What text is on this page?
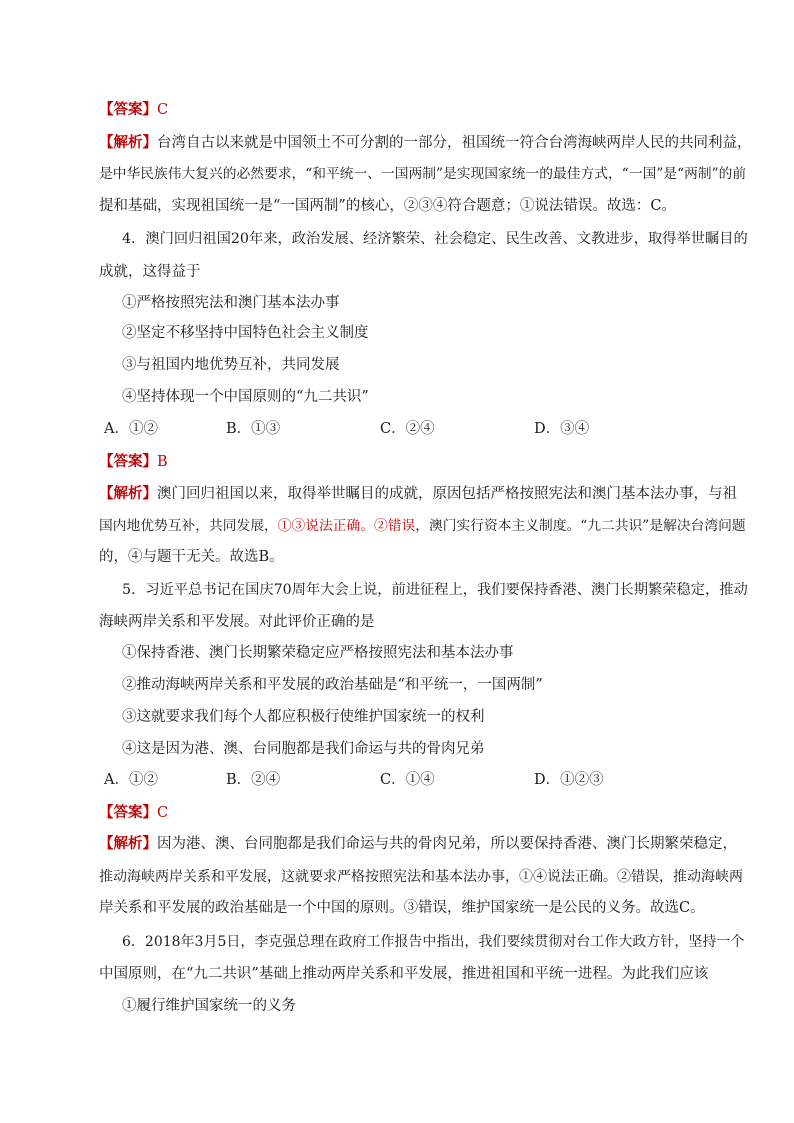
【答案】C
【解析】台湾自古以来就是中国领土不可分割的一部分，祖国统一符合台湾海峡两岸人民的共同利益，
是中华民族伟大复兴的必然要求，“和平统一、一国两制”是实现国家统一的最佳方式，“一国”是“两制”的前
提和基础，实现祖国统一是“一国两制”的核心，②③④符合题意；①说法错误。故选：C。
4．澳门回归祖国20年来，政治发展、经济繁荣、社会稳定、民生改善、文教进步，取得举世瞩目的
成就，这得益于
①严格按照宪法和澳门基本法办事
②坚定不移坚持中国特色社会主义制度
③与祖国内地优势互补，共同发展
④坚持体现一个中国原则的“九二共识”
A．①②	B．①③	C．②④	D．③④
【答案】B
【解析】澳门回归祖国以来，取得举世瞩目的成就，原因包括严格按照宪法和澳门基本法办事，与祖
国内地优势互补，共同发展，①③说法正确。②错误，澳门实行资本主义制度。“九二共识”是解决台湾问题
的，④与题干无关。故选B。
5．习近平总书记在国庆70周年大会上说，前进征程上，我们要保持香港、澳门长期繁荣稳定，推动
海峡两岸关系和平发展。对此评价正确的是
①保持香港、澳门长期繁荣稳定应严格按照宪法和基本法办事
②推动海峡两岸关系和平发展的政治基础是“和平统一，一国两制”
③这就要求我们每个人都应积极行使维护国家统一的权利
④这是因为港、澳、台同胞都是我们命运与共的骨肉兄弟
A．①②	B．②④	C．①④	D．①②③
【答案】C
【解析】因为港、澳、台同胞都是我们命运与共的骨肉兄弟，所以要保持香港、澳门长期繁荣稳定，
推动海峡两岸关系和平发展，这就要求严格按照宪法和基本法办事，①④说法正确。②错误，推动海峡两
岸关系和平发展的政治基础是一个中国的原则。③错误，维护国家统一是公民的义务。故选C。
6．2018年3月5日，李克强总理在政府工作报告中指出，我们要续贯彻对台工作大政方针，坚持一个
中国原则，在“九二共识”基础上推动两岸关系和平发展，推进祖国和平统一进程。为此我们应该
①履行维护国家统一的义务
